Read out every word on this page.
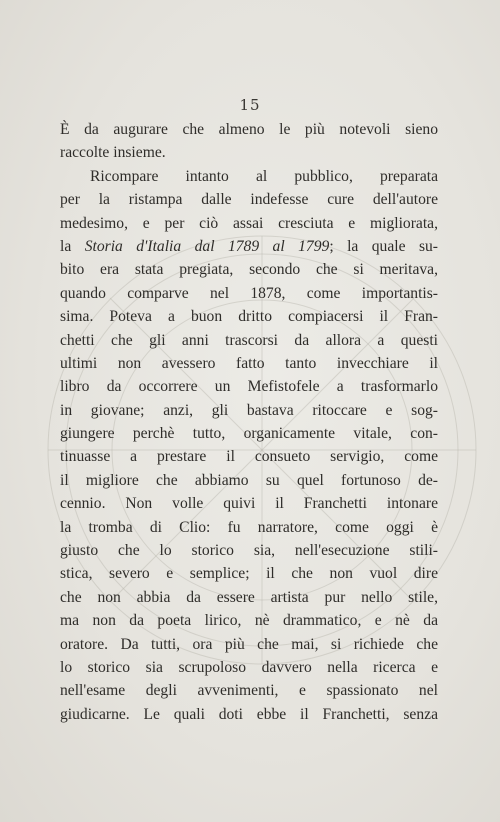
15
È da augurare che almeno le più notevoli sieno
raccolte insieme.
Ricompare intanto al pubblico, preparata
per la ristampa dalle indefesse cure dell'autore
medesimo, e per ciò assai cresciuta e migliorata,
la Storia d'Italia dal 1789 al 1799; la quale su-
bito era stata pregiata, secondo che si meritava,
quando comparve nel 1878, come importantis-
sima. Poteva a buon dritto compiacersi il Fran-
chetti che gli anni trascorsi da allora a questi
ultimi non avessero fatto tanto invecchiare il
libro da occorrere un Mefistofele a trasformarlo
in giovane; anzi, gli bastava ritoccare e sog-
giungere perchè tutto, organicamente vitale, con-
tinuasse a prestare il consueto servigio, come
il migliore che abbiamo su quel fortunoso de-
cennio. Non volle quivi il Franchetti intonare
la tromba di Clio: fu narratore, come oggi è
giusto che lo storico sia, nell'esecuzione stili-
stica, severo e semplice; il che non vuol dire
che non abbia da essere artista pur nello stile,
ma non da poeta lirico, nè drammatico, e nè da
oratore. Da tutti, ora più che mai, si richiede che
lo storico sia scrupoloso davvero nella ricerca e
nell'esame degli avvenimenti, e spassionato nel
giudicarne. Le quali doti ebbe il Franchetti, senza
